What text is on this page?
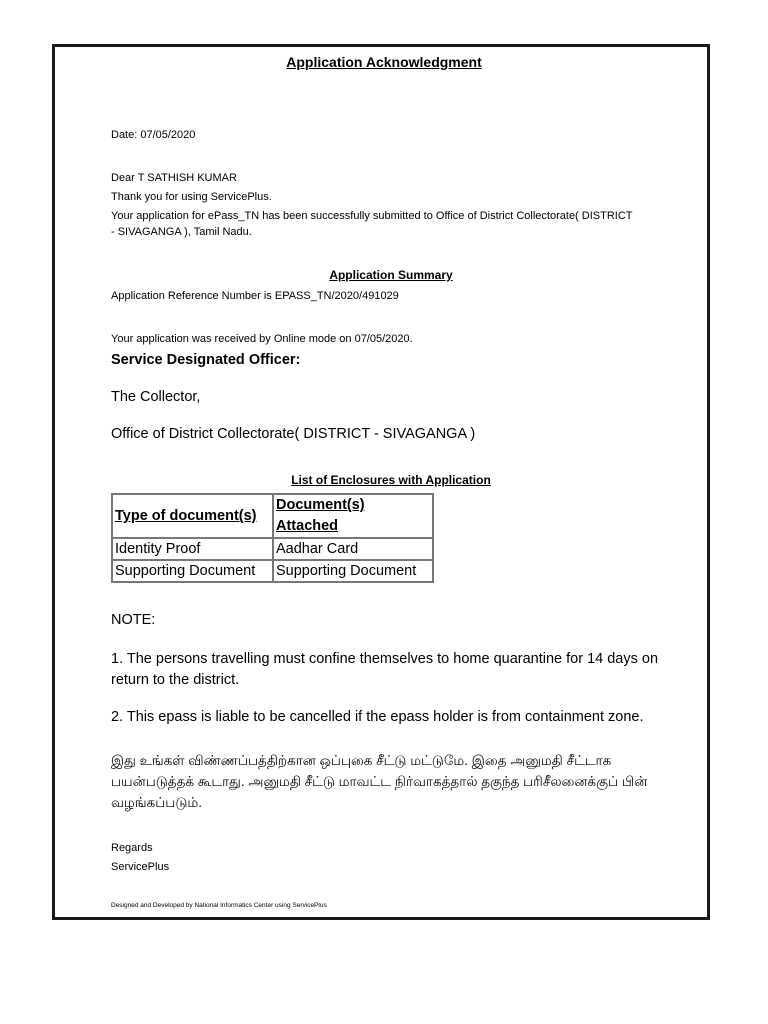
Application Acknowledgment
Date: 07/05/2020
Dear T SATHISH KUMAR
Thank you for using ServicePlus.
Your application for ePass_TN has been successfully submitted to Office of District Collectorate( DISTRICT
- SIVAGANGA ), Tamil Nadu.
Application Summary
Application Reference Number is EPASS_TN/2020/491029
Your application was received by Online mode on 07/05/2020.
Service Designated Officer:
The Collector,
Office of District Collectorate( DISTRICT - SIVAGANGA )
List of Enclosures with Application
Type of document(s)	Document(s) Attached
Identity Proof	Aadhar Card
Supporting Document	Supporting Document
NOTE:
1. The persons travelling must confine themselves to home quarantine for 14 days on return to the district.
2. This epass is liable to be cancelled if the epass holder is from containment zone.
இது உங்கள் விண்ணப்பத்திற்கான ஒப்புகை சீட்டு மட்டுமே. இதை அனுமதி சீட்டாக பயன்படுத்தக் கூடாது. அனுமதி சீட்டு மாவட்ட நிர்வாகத்தால் தகுந்த பரிசீலனைக்குப் பின் வழங்கப்படும்.
Regards
ServicePlus
Designed and Developed by National Informatics Center using ServicePlus
